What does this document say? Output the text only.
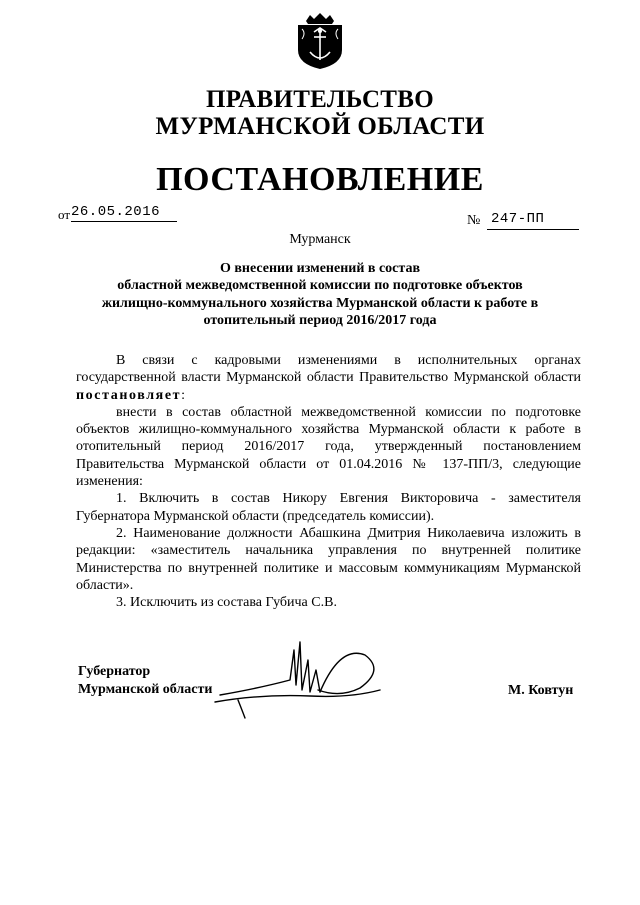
ПРАВИТЕЛЬСТВО
МУРМАНСКОЙ ОБЛАСТИ
ПОСТАНОВЛЕНИЕ
от 26.05.2016
№ 247-ПП
Мурманск
О внесении изменений в состав
областной межведомственной комиссии по подготовке объектов
жилищно-коммунального хозяйства Мурманской области к работе в
отопительный период 2016/2017 года

В связи с кадровыми изменениями в исполнительных органах государственной власти Мурманской области Правительство Мурманской области постановляет:

внести в состав областной межведомственной комиссии по подготовке объектов жилищно-коммунального хозяйства Мурманской области к работе в отопительный период 2016/2017 года, утвержденный постановлением Правительства Мурманской области от 01.04.2016 № 137-ПП/3, следующие изменения:

1. Включить в состав Никору Евгения Викторовича - заместителя Губернатора Мурманской области (председатель комиссии).

2. Наименование должности Абашкина Дмитрия Николаевича изложить в редакции: «заместитель начальника управления по внутренней политике Министерства по внутренней политике и массовым коммуникациям Мурманской области».

3. Исключить из состава Губича С.В.

Губернатор
Мурманской области	М. Ковтун
